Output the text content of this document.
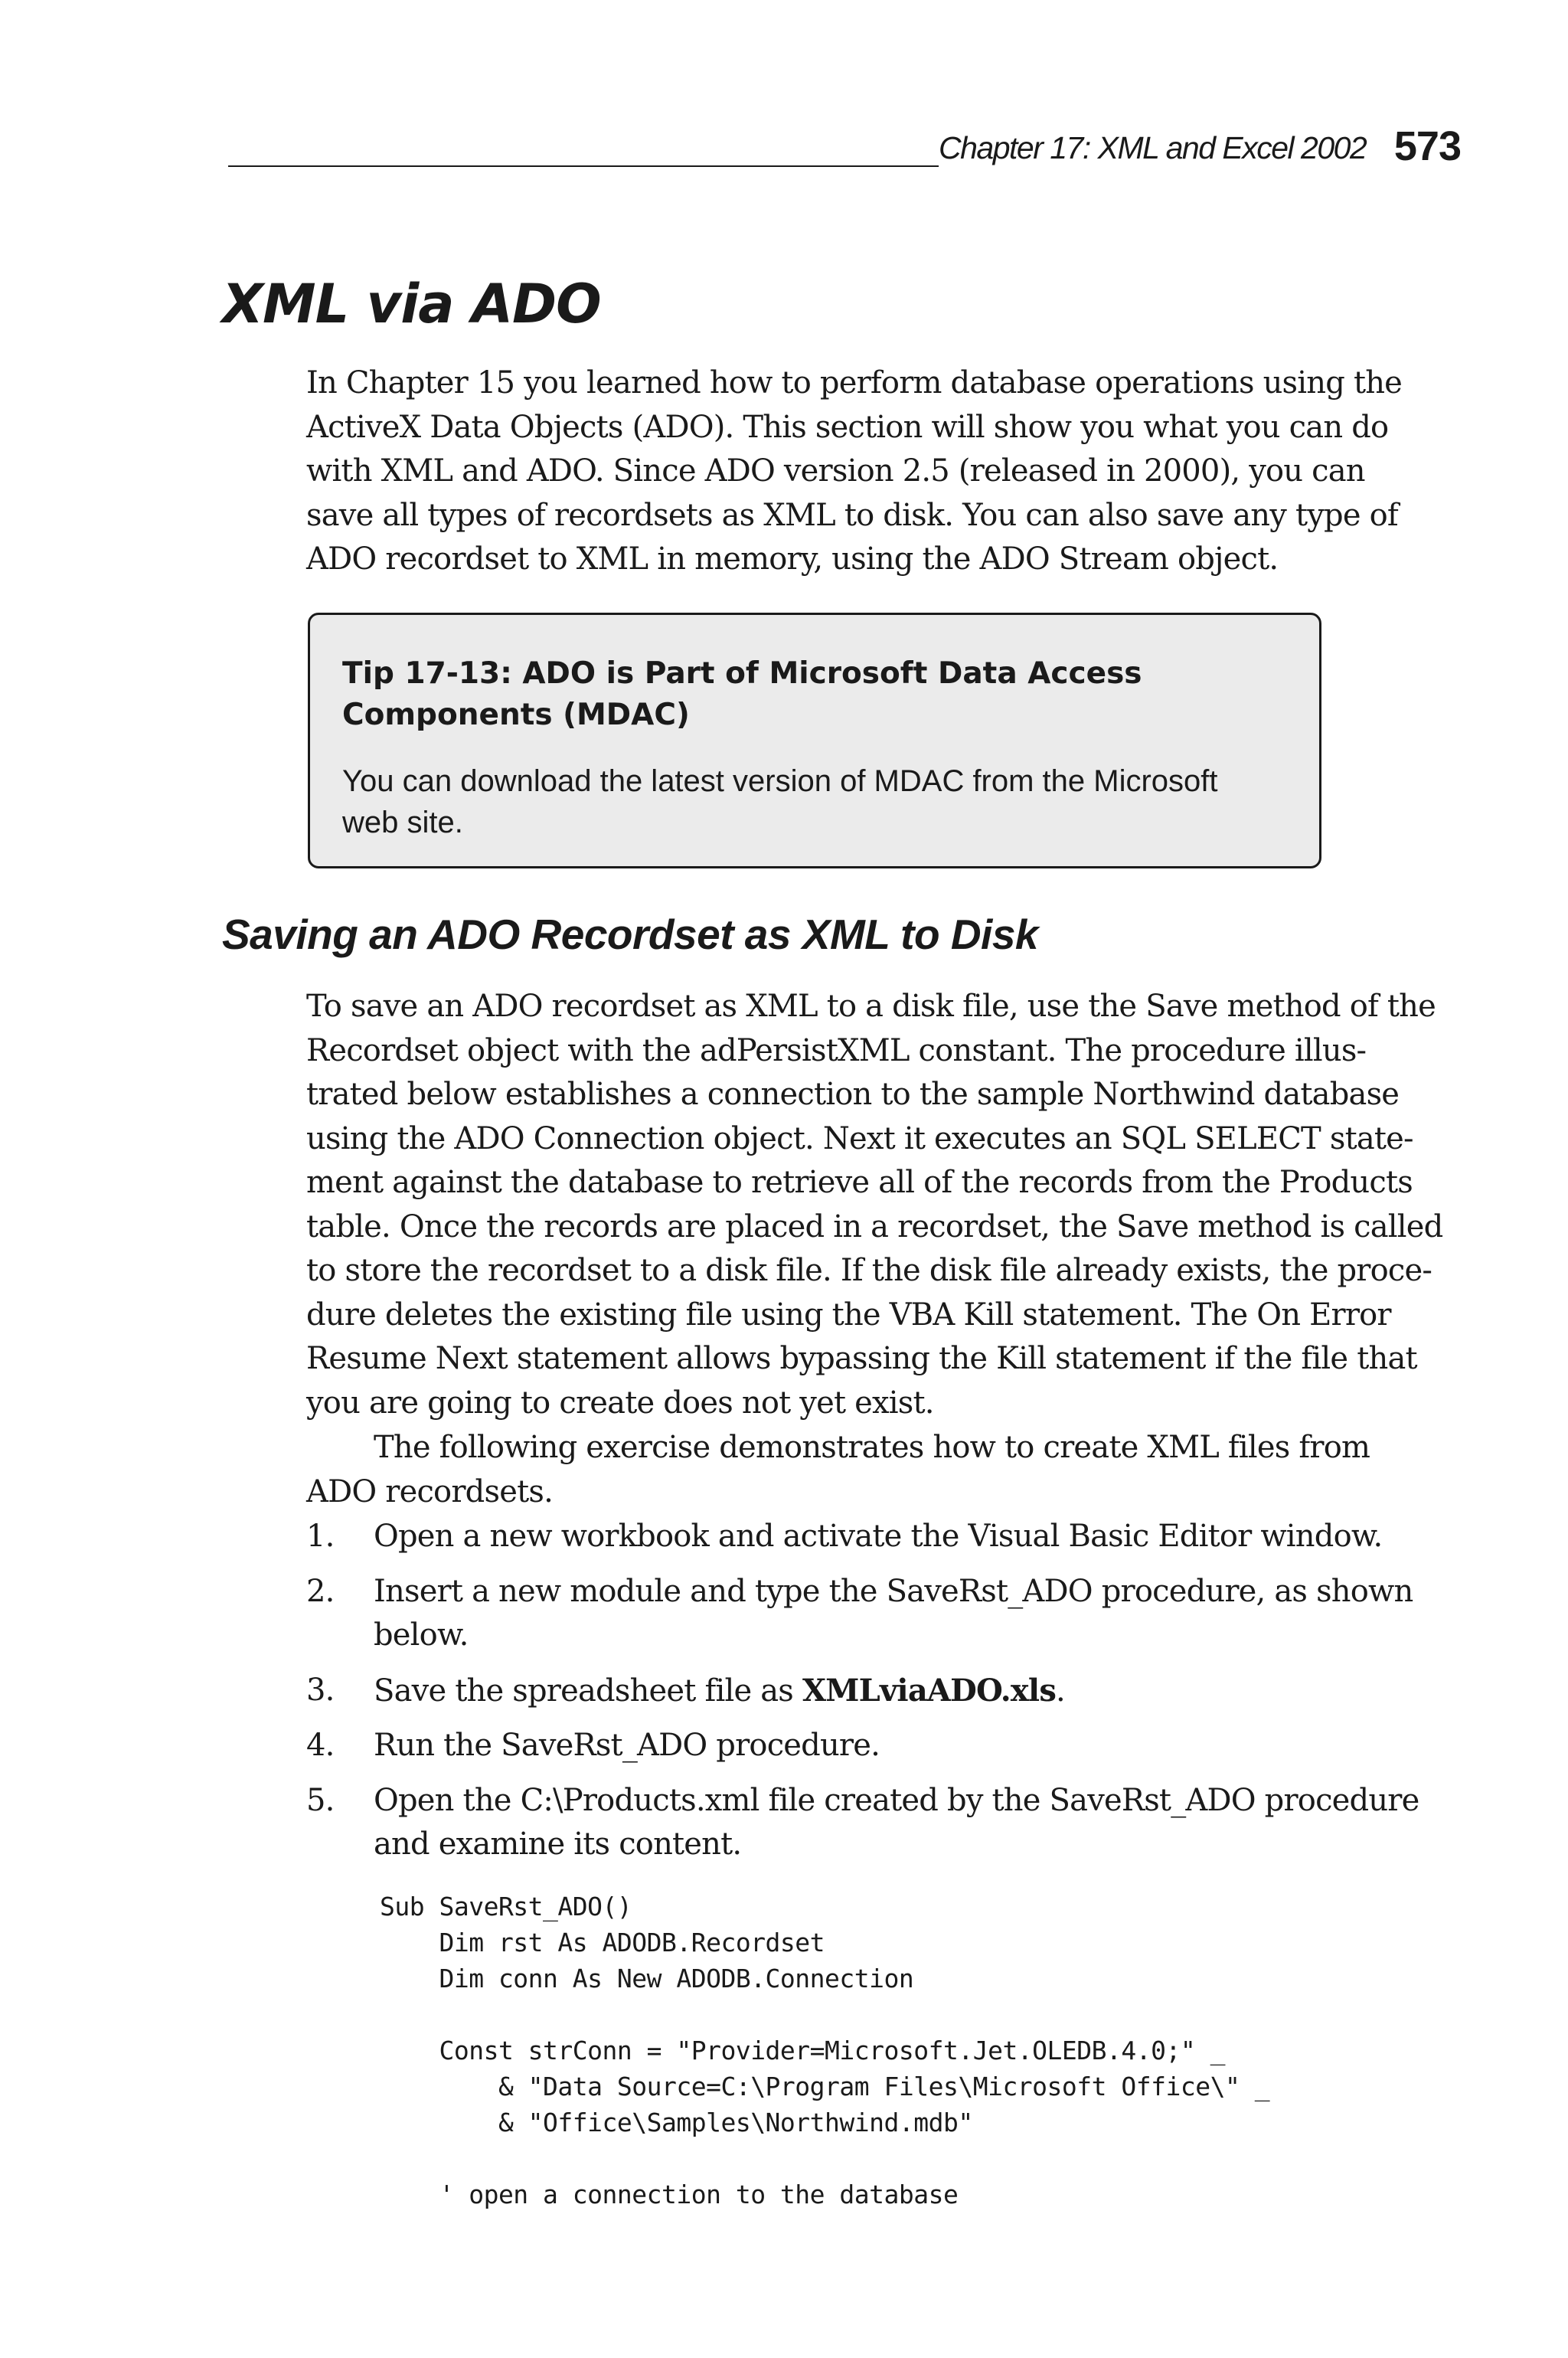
Chapter 17: XML and Excel 2002 573
XML via ADO
In Chapter 15 you learned how to perform database operations using the
ActiveX Data Objects (ADO). This section will show you what you can do
with XML and ADO. Since ADO version 2.5 (released in 2000), you can
save all types of recordsets as XML to disk. You can also save any type of
ADO recordset to XML in memory, using the ADO Stream object.
Tip 17-13: ADO is Part of Microsoft Data Access
Components (MDAC)
You can download the latest version of MDAC from the Microsoft
web site.
Saving an ADO Recordset as XML to Disk
To save an ADO recordset as XML to a disk file, use the Save method of the
Recordset object with the adPersistXML constant. The procedure illus-
trated below establishes a connection to the sample Northwind database
using the ADO Connection object. Next it executes an SQL SELECT state-
ment against the database to retrieve all of the records from the Products
table. Once the records are placed in a recordset, the Save method is called
to store the recordset to a disk file. If the disk file already exists, the proce-
dure deletes the existing file using the VBA Kill statement. The On Error
Resume Next statement allows bypassing the Kill statement if the file that
you are going to create does not yet exist.
The following exercise demonstrates how to create XML files from
ADO recordsets.
1. Open a new workbook and activate the Visual Basic Editor window.
2. Insert a new module and type the SaveRst_ADO procedure, as shown
below.
3. Save the spreadsheet file as XMLviaADO.xls.
4. Run the SaveRst_ADO procedure.
5. Open the C:\Products.xml file created by the SaveRst_ADO procedure
and examine its content.
Sub SaveRst_ADO()
Dim rst As ADODB.Recordset
Dim conn As New ADODB.Connection
Const strConn = "Provider=Microsoft.Jet.OLEDB.4.0;" _
& "Data Source=C:\Program Files\Microsoft Office\" _
& "Office\Samples\Northwind.mdb"
' open a connection to the database
